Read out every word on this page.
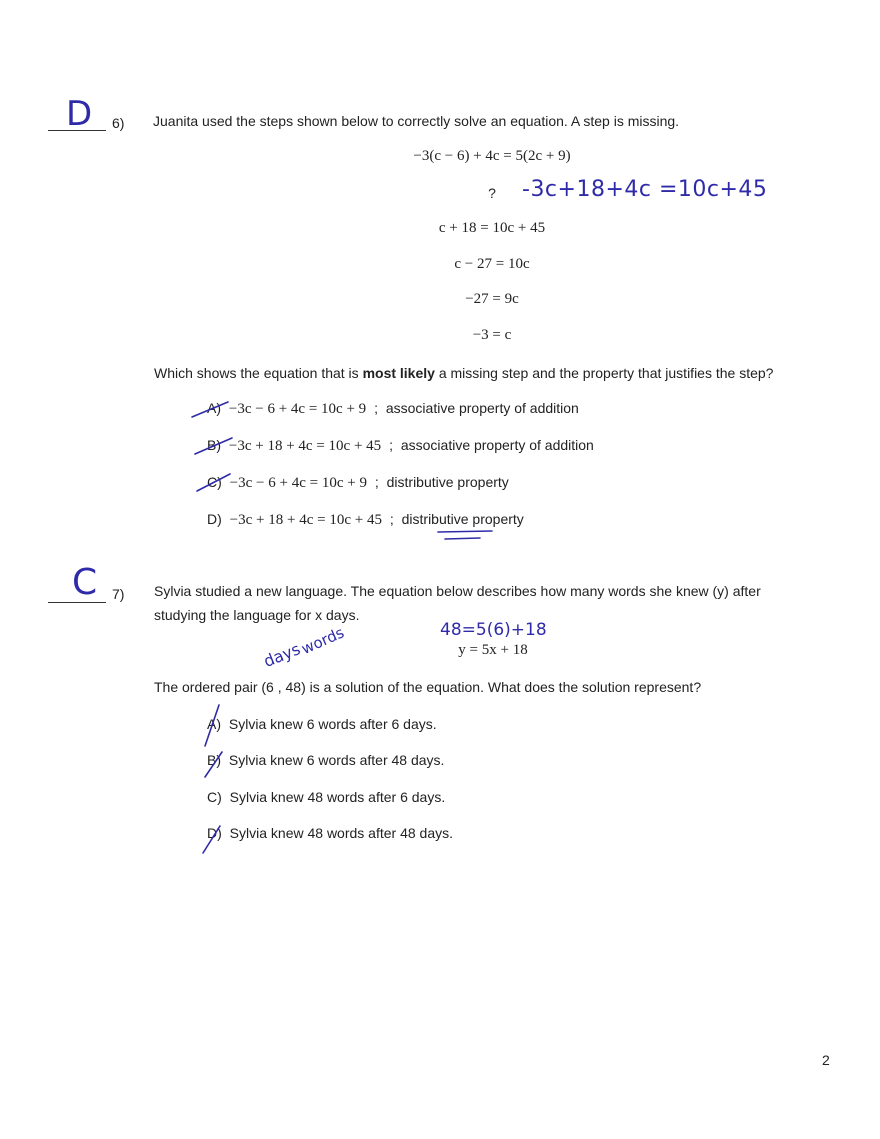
D 6) Juanita used the steps shown below to correctly solve an equation. A step is missing.
−3(c − 6) + 4c = 5(2c + 9)
? -3c+18+4c =10c+45
c + 18 = 10c + 45
c − 27 = 10c
−27 = 9c
−3 = c
Which shows the equation that is most likely a missing step and the property that justifies the step?
A) −3c − 6 + 4c = 10c + 9 ; associative property of addition
B) −3c + 18 + 4c = 10c + 45 ; associative property of addition
C) −3c − 6 + 4c = 10c + 9 ; distributive property
D) −3c + 18 + 4c = 10c + 45 ; distributive property
C 7) Sylvia studied a new language. The equation below describes how many words she knew (y) after
studying the language for x days.
48=5(6)+18
y = 5x + 18
days
words
The ordered pair (6 , 48) is a solution of the equation. What does the solution represent?
A) Sylvia knew 6 words after 6 days.
B) Sylvia knew 6 words after 48 days.
C) Sylvia knew 48 words after 6 days.
D) Sylvia knew 48 words after 48 days.
2
